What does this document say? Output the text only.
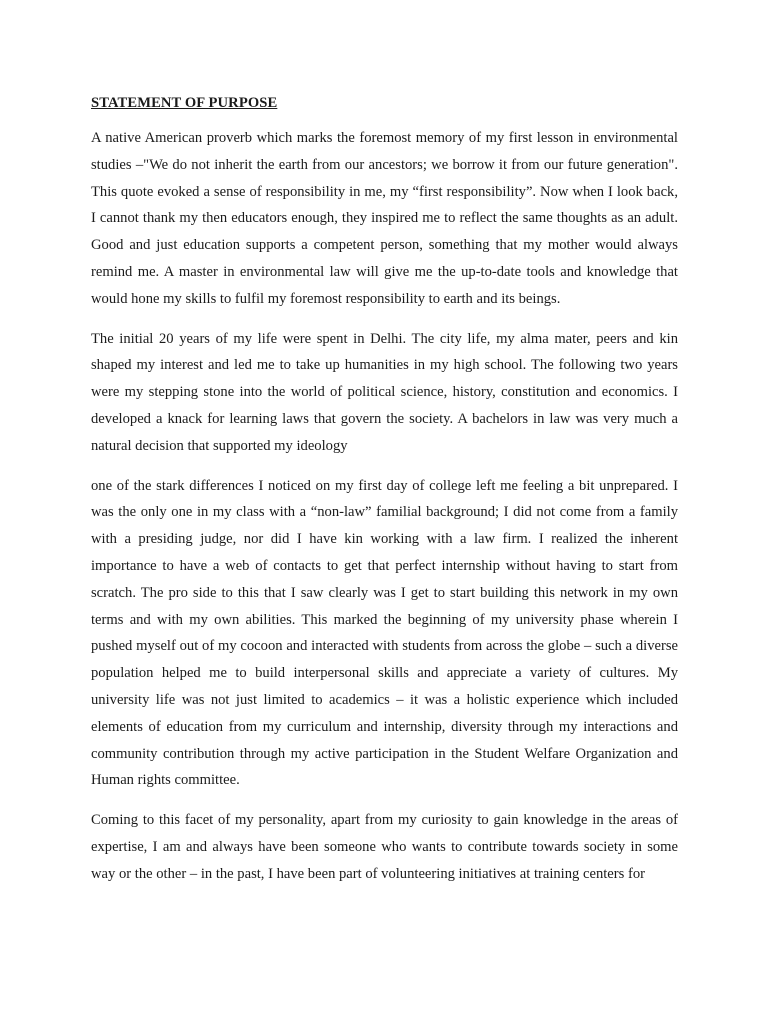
STATEMENT OF PURPOSE

A native American proverb which marks the foremost memory of my first lesson in environmental studies –"We do not inherit the earth from our ancestors; we borrow it from our future generation". This quote evoked a sense of responsibility in me, my “first responsibility”. Now when I look back, I cannot thank my then educators enough, they inspired me to reflect the same thoughts as an adult. Good and just education supports a competent person, something that my mother would always remind me. A master in environmental law will give me the up-to-date tools and knowledge that would hone my skills to fulfil my foremost responsibility to earth and its beings.

The initial 20 years of my life were spent in Delhi. The city life, my alma mater, peers and kin shaped my interest and led me to take up humanities in my high school. The following two years were my stepping stone into the world of political science, history, constitution and economics. I developed a knack for learning laws that govern the society. A bachelors in law was very much a natural decision that supported my ideology

one of the stark differences I noticed on my first day of college left me feeling a bit unprepared. I was the only one in my class with a “non-law” familial background; I did not come from a family with a presiding judge, nor did I have kin working with a law firm. I realized the inherent importance to have a web of contacts to get that perfect internship without having to start from scratch. The pro side to this that I saw clearly was I get to start building this network in my own terms and with my own abilities. This marked the beginning of my university phase wherein I pushed myself out of my cocoon and interacted with students from across the globe – such a diverse population helped me to build interpersonal skills and appreciate a variety of cultures. My university life was not just limited to academics – it was a holistic experience which included elements of education from my curriculum and internship, diversity through my interactions and community contribution through my active participation in the Student Welfare Organization and Human rights committee.

Coming to this facet of my personality, apart from my curiosity to gain knowledge in the areas of expertise, I am and always have been someone who wants to contribute towards society in some way or the other – in the past, I have been part of volunteering initiatives at training centers for
